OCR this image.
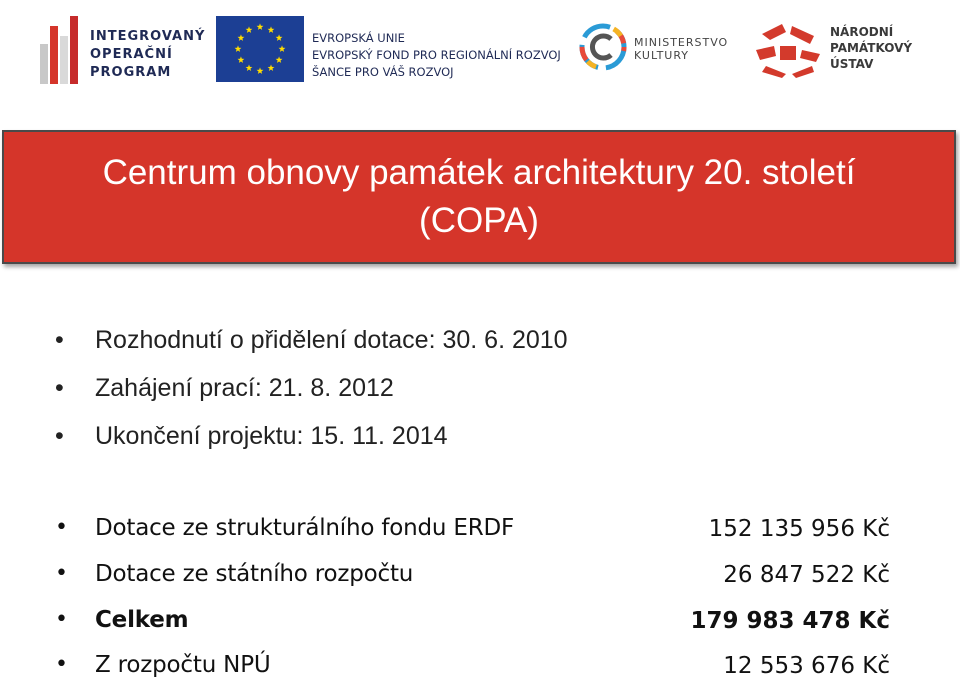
INTEGROVANÝ
OPERAČNÍ
PROGRAM
EVROPSKÁ UNIE
EVROPSKÝ FOND PRO REGIONÁLNÍ ROZVOJ
ŠANCE PRO VÁŠ ROZVOJ
MINISTERSTVO
KULTURY
NÁRODNÍ
PAMÁTKOVÝ
ÚSTAV
Centrum obnovy památek architektury 20. století
(COPA)
• Rozhodnutí o přidělení dotace: 30. 6. 2010
• Zahájení prací: 21. 8. 2012
• Ukončení projektu: 15. 11. 2014
• Dotace ze strukturálního fondu ERDF	152 135 956 Kč
• Dotace ze státního rozpočtu	26 847 522 Kč
• Celkem	179 983 478 Kč
• Z rozpočtu NPÚ	12 553 676 Kč
